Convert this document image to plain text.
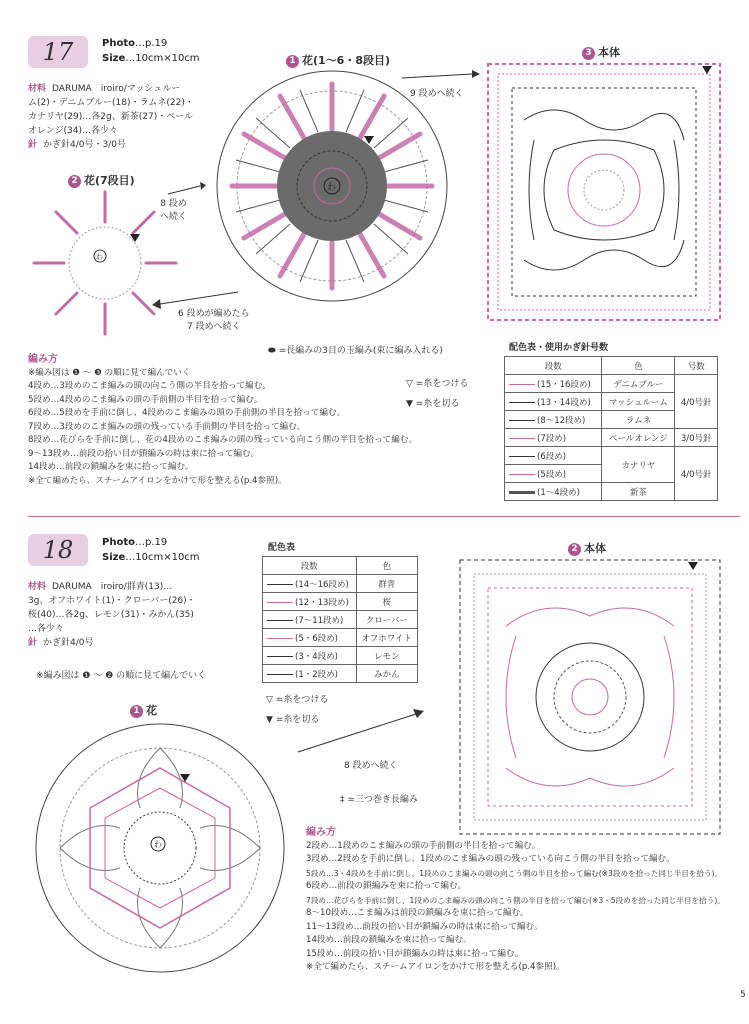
17	Photo…p.19
Size…10cm×10cm
材料 DARUMA　iroiro/マッシュルー
ム(2)・デニムブルー(18)・ラムネ(22)・
カナリヤ(29)…各2g、新茶(27)・ペール
オレンジ(34)…各少々
針 かぎ針4/0号・3/0号
2 花(7段目)
わ
8 段め
へ続く
1 花(1〜6・8段目)
わ
9 段めへ続く
6 段めが編めたら
7 段めへ続く
3 本体
⬬ =長編みの3目の玉編み(束に編み入れる)
▽ =糸をつける
▼ =糸を切る
編み方
※編み図は ❶ 〜 ❸ の順に見て編んでいく
4段め…3段めのこま編みの頭の向こう側の半目を拾って編む。
5段め…4段めのこま編みの頭の手前側の半目を拾って編む。
6段め…5段めを手前に倒し、4段めのこま編みの頭の手前側の半目を拾って編む。
7段め…3段めのこま編みの頭の残っている手前側の半目を拾って編む。
8段め…花びらを手前に倒し、花の4段めのこま編みの頭の残っている向こう側の半目を拾って編む。
9〜13段め…前段の拾い目が鎖編みの時は束に拾って編む。
14段め…前段の鎖編みを束に拾って編む。
※全て編めたら、スチームアイロンをかけて形を整える(p.4参照)。
配色表・使用かぎ針号数
段数	色	号数
(15・16段め)	デニムブルー	4/0号針
(13・14段め)	マッシュルーム	
(8〜12段め)	ラムネ	
(7段め)	ペールオレンジ	3/0号針
(6段め)	カナリヤ	4/0号針
(5段め)		
(1〜4段め)	新茶	
18	Photo…p.19
Size…10cm×10cm
材料 DARUMA　iroiro/群青(13)…
3g、オフホワイト(1)・クローバー(26)・
桜(40)…各2g、レモン(31)・みかん(35)
…各少々
針 かぎ針4/0号
※編み図は ❶ 〜 ❷ の順に見て編んでいく
配色表
段数	色
(14〜16段め)	群青
(12・13段め)	桜
(7〜11段め)	クローバー
(5・6段め)	オフホワイト
(3・4段め)	レモン
(1・2段め)	みかん
▽ =糸をつける
▼ =糸を切る
‡ =三つ巻き長編み
1 花
わ
8 段めへ続く
2 本体
編み方
2段め…1段めのこま編みの頭の手前側の半目を拾って編む。
3段め…2段めを手前に倒し、1段めのこま編みの頭の残っている向こう側の半目を拾って編む。
5段め…3・4段めを手前に倒し、1段めのこま編みの頭の向こう側の半目を拾って編む(※3段めを拾った同じ半目を拾う)。
6段め…前段の鎖編みを束に拾って編む。
7段め…花びらを手前に倒し、1段めのこま編みの頭の向こう側の半目を拾って編む(※3・5段めを拾った同じ半目を拾う)。
8〜10段め…こま編みは前段の鎖編みを束に拾って編む。
11〜13段め…前段の拾い目が鎖編みの時は束に拾って編む。
14段め…前段の鎖編みを束に拾って編む。
15段め…前段の拾い目が鎖編みの時は束に拾って編む。
※全て編めたら、スチームアイロンをかけて形を整える(p.4参照)。
5
